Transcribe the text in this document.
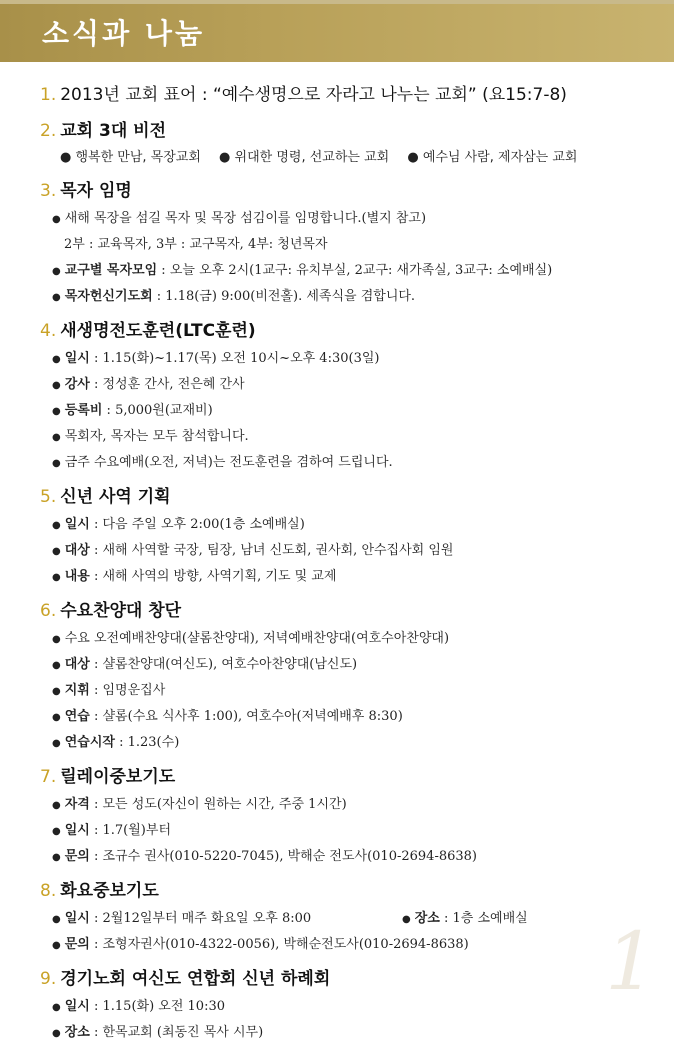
소식과 나눔
1. 2013년 교회 표어 : “예수생명으로 자라고 나누는 교회” (요15:7-8)
2. 교회 3대 비전
● 행복한 만남, 목장교회 ● 위대한 명령, 선교하는 교회 ● 예수님 사람, 제자삼는 교회
3. 목자 임명
● 새해 목장을 섬길 목자 및 목장 섬김이를 임명합니다.(별지 참고)
2부 : 교육목자, 3부 : 교구목자, 4부: 청년목자
● 교구별 목자모임 : 오늘 오후 2시(1교구: 유치부실, 2교구: 새가족실, 3교구: 소예배실)
● 목자헌신기도회 : 1.18(금) 9:00(비전홀). 세족식을 겸합니다.
4. 새생명전도훈련(LTC훈련)
● 일시 : 1.15(화)~1.17(목) 오전 10시~오후 4:30(3일)
● 강사 : 정성훈 간사, 전은혜 간사
● 등록비 : 5,000원(교재비)
● 목회자, 목자는 모두 참석합니다.
● 금주 수요예배(오전, 저녁)는 전도훈련을 겸하여 드립니다.
5. 신년 사역 기획
● 일시 : 다음 주일 오후 2:00(1층 소예배실)
● 대상 : 새해 사역할 국장, 팀장, 남녀 신도회, 권사회, 안수집사회 임원
● 내용 : 새해 사역의 방향, 사역기획, 기도 및 교제
6. 수요찬양대 창단
● 수요 오전예배찬양대(샬롬찬양대), 저녁예배찬양대(여호수아찬양대)
● 대상 : 샬롬찬양대(여신도), 여호수아찬양대(남신도)
● 지휘 : 임명운집사
● 연습 : 샬롬(수요 식사후 1:00), 여호수아(저녁예배후 8:30)
● 연습시작 : 1.23(수)
7. 릴레이중보기도
● 자격 : 모든 성도(자신이 원하는 시간, 주중 1시간)
● 일시 : 1.7(월)부터
● 문의 : 조규수 권사(010-5220-7045), 박해순 전도사(010-2694-8638)
8. 화요중보기도
● 일시 : 2월12일부터 매주 화요일 오후 8:00	● 장소 : 1층 소예배실
● 문의 : 조형자권사(010-4322-0056), 박해순전도사(010-2694-8638)
9. 경기노회 여신도 연합회 신년 하례회
● 일시 : 1.15(화) 오전 10:30
● 장소 : 한목교회 (최동진 목사 시무)
1
